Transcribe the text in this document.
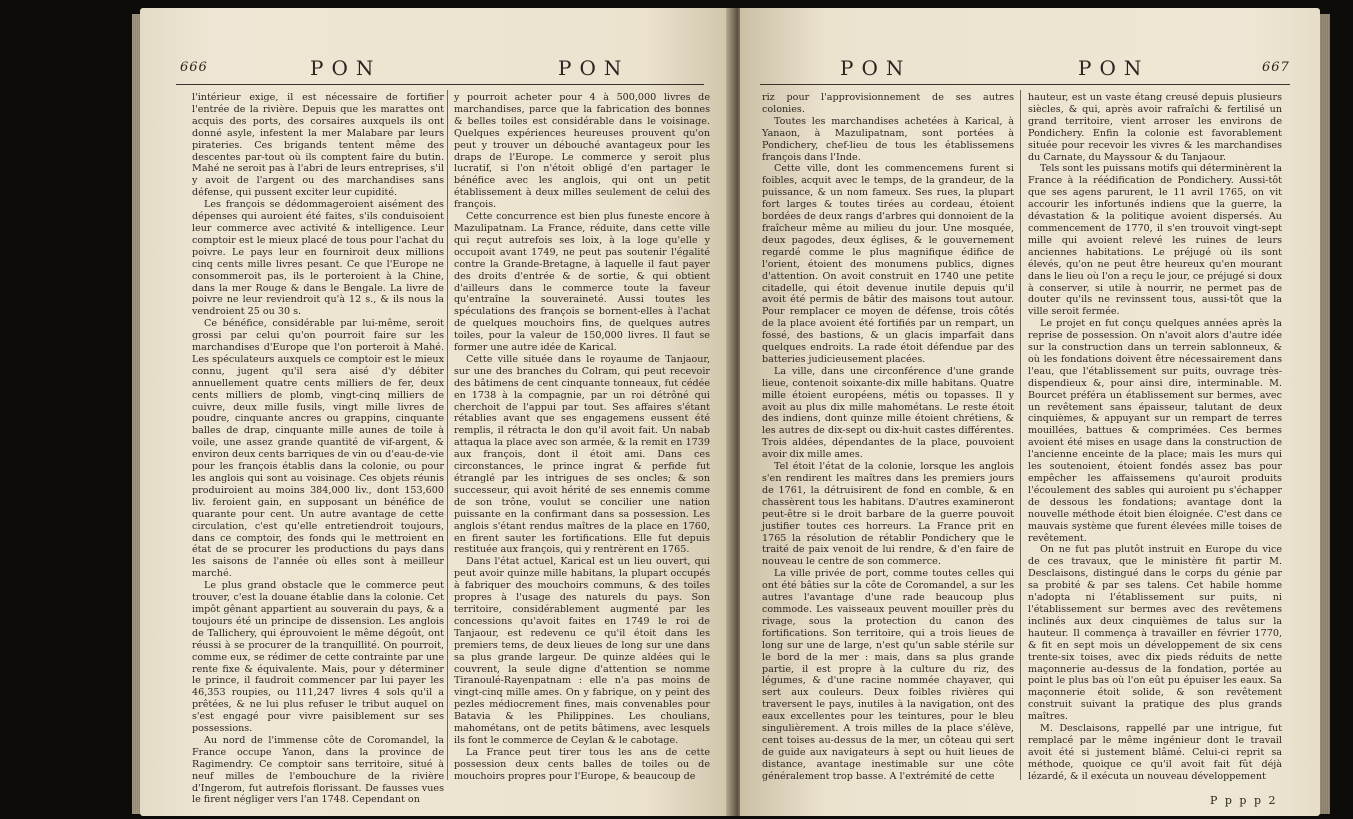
666	PON	PON

l'intérieur exige, il est nécessaire de fortifier l'entrée de la rivière. Depuis que les marattes ont acquis des ports, des corsaires auxquels ils ont donné asyle, infestent la mer Malabare par leurs pirateries. Ces brigands tentent même des descentes par-tout où ils comptent faire du butin. Mahé ne seroit pas à l'abri de leurs entreprises, s'il y avoit de l'argent ou des marchandises sans défense, qui pussent exciter leur cupidité.

Les françois se dédommageroient aisément des dépenses qui auroient été faites, s'ils conduisoient leur commerce avec activité & intelligence. Leur comptoir est le mieux placé de tous pour l'achat du poivre. Le pays leur en fourniroit deux millions cinq cents mille livres pesant. Ce que l'Europe ne consommeroit pas, ils le porteroient à la Chine, dans la mer Rouge & dans le Bengale. La livre de poivre ne leur reviendroit qu'à 12 s., & ils nous la vendroient 25 ou 30 s.

Ce bénéfice, considérable par lui-même, seroit grossi par celui qu'on pourroit faire sur les marchandises d'Europe que l'on porteroit à Mahé. Les spéculateurs auxquels ce comptoir est le mieux connu, jugent qu'il sera aisé d'y débiter annuellement quatre cents milliers de fer, deux cents milliers de plomb, vingt-cinq milliers de cuivre, deux mille fusils, vingt mille livres de poudre, cinquante ancres ou grappins, cinquante balles de drap, cinquante mille aunes de toile à voile, une assez grande quantité de vif-argent, & environ deux cents barriques de vin ou d'eau-de-vie pour les françois établis dans la colonie, ou pour les anglois qui sont au voisinage. Ces objets réunis produiroient au moins 384,000 liv., dont 153,600 liv. feroient gain, en supposant un bénéfice de quarante pour cent. Un autre avantage de cette circulation, c'est qu'elle entretiendroit toujours, dans ce comptoir, des fonds qui le mettroient en état de se procurer les productions du pays dans les saisons de l'année où elles sont à meilleur marché.

Le plus grand obstacle que le commerce peut trouver, c'est la douane établie dans la colonie. Cet impôt gênant appartient au souverain du pays, & a toujours été un principe de dissension. Les anglois de Tallichery, qui éprouvoient le même dégoût, ont réussi à se procurer de la tranquillité. On pourroit, comme eux, se rédimer de cette contrainte par une rente fixe & équivalente. Mais, pour y déterminer le prince, il faudroit commencer par lui payer les 46,353 roupies, ou 111,247 livres 4 sols qu'il a prêtées, & ne lui plus refuser le tribut auquel on s'est engagé pour vivre paisiblement sur ses possessions.

Au nord de l'immense côte de Coromandel, la France occupe Yanon, dans la province de Ragimendry. Ce comptoir sans territoire, situé à neuf milles de l'embouchure de la rivière d'Ingerom, fut autrefois florissant. De fausses vues le firent négliger vers l'an 1748. Cependant on

y pourroit acheter pour 4 à 500,000 livres de marchandises, parce que la fabrication des bonnes & belles toiles est considérable dans le voisinage. Quelques expériences heureuses prouvent qu'on peut y trouver un débouché avantageux pour les draps de l'Europe. Le commerce y seroit plus lucratif, si l'on n'étoit obligé d'en partager le bénéfice avec les anglois, qui ont un petit établissement à deux milles seulement de celui des françois.

Cette concurrence est bien plus funeste encore à Mazulipatnam. La France, réduite, dans cette ville qui reçut autrefois ses loix, à la loge qu'elle y occupoit avant 1749, ne peut pas soutenir l'égalité contre la Grande-Bretagne, à laquelle il faut payer des droits d'entrée & de sortie, & qui obtient d'ailleurs dans le commerce toute la faveur qu'entraîne la souveraineté. Aussi toutes les spéculations des françois se bornent-elles à l'achat de quelques mouchoirs fins, de quelques autres toiles, pour la valeur de 150,000 livres. Il faut se former une autre idée de Karical.

Cette ville située dans le royaume de Tanjaour, sur une des branches du Colram, qui peut recevoir des bâtimens de cent cinquante tonneaux, fut cédée en 1738 à la compagnie, par un roi détrôné qui cherchoit de l'appui par tout. Ses affaires s'étant rétablies avant que ses engagemens eussent été remplis, il rétracta le don qu'il avoit fait. Un nabab attaqua la place avec son armée, & la remit en 1739 aux françois, dont il étoit ami. Dans ces circonstances, le prince ingrat & perfide fut étranglé par les intrigues de ses oncles; & son successeur, qui avoit hérité de ses ennemis comme de son trône, voulut se concilier une nation puissante en la confirmant dans sa possession. Les anglois s'étant rendus maîtres de la place en 1760, en firent sauter les fortifications. Elle fut depuis restituée aux françois, qui y rentrèrent en 1765.

Dans l'état actuel, Karical est un lieu ouvert, qui peut avoir quinze mille habitans, la plupart occupés à fabriquer des mouchoirs communs, & des toiles propres à l'usage des naturels du pays. Son territoire, considérablement augmenté par les concessions qu'avoit faites en 1749 le roi de Tanjaour, est redevenu ce qu'il étoit dans les premiers tems, de deux lieues de long sur une dans sa plus grande largeur. De quinze aldées qui le couvrent, la seule digne d'attention se nomme Tiranoulé-Rayenpatnam : elle n'a pas moins de vingt-cinq mille ames. On y fabrique, on y peint des pezles médiocrement fines, mais convenables pour Batavia & les Philippines. Les choulians, mahométans, ont de petits bâtimens, avec lesquels ils font le commerce de Ceylan & le cabotage.

La France peut tirer tous les ans de cette possession deux cents balles de toiles ou de mouchoirs propres pour l'Europe, & beaucoup de

PON	PON	667

riz pour l'approvisionnement de ses autres colonies.

Toutes les marchandises achetées à Karical, à Yanaon, à Mazulipatnam, sont portées à Pondichery, chef-lieu de tous les établissemens françois dans l'Inde.

Cette ville, dont les commencemens furent si foibles, acquit avec le temps, de la grandeur, de la puissance, & un nom fameux. Ses rues, la plupart fort larges & toutes tirées au cordeau, étoient bordées de deux rangs d'arbres qui donnoient de la fraîcheur même au milieu du jour. Une mosquée, deux pagodes, deux églises, & le gouvernement regardé comme le plus magnifique édifice de l'orient, étoient des monumens publics, dignes d'attention. On avoit construit en 1740 une petite citadelle, qui étoit devenue inutile depuis qu'il avoit été permis de bâtir des maisons tout autour. Pour remplacer ce moyen de défense, trois côtés de la place avoient été fortifiés par un rempart, un fossé, des bastions, & un glacis imparfait dans quelques endroits. La rade étoit défendue par des batteries judicieusement placées.

La ville, dans une circonférence d'une grande lieue, contenoit soixante-dix mille habitans. Quatre mille étoient européens, métis ou topasses. Il y avoit au plus dix mille mahométans. Le reste étoit des indiens, dont quinze mille étoient chrétiens, & les autres de dix-sept ou dix-huit castes différentes. Trois aldées, dépendantes de la place, pouvoient avoir dix mille ames.

Tel étoit l'état de la colonie, lorsque les anglois s'en rendirent les maîtres dans les premiers jours de 1761, la détruisirent de fond en comble, & en chassèrent tous les habitans. D'autres examineront peut-être si le droit barbare de la guerre pouvoit justifier toutes ces horreurs. La France prit en 1765 la résolution de rétablir Pondichery que le traité de paix venoit de lui rendre, & d'en faire de nouveau le centre de son commerce.

La ville privée de port, comme toutes celles qui ont été bâties sur la côte de Coromandel, a sur les autres l'avantage d'une rade beaucoup plus commode. Les vaisseaux peuvent mouiller près du rivage, sous la protection du canon des fortifications. Son territoire, qui a trois lieues de long sur une de large, n'est qu'un sable stérile sur le bord de la mer : mais, dans sa plus grande partie, il est propre à la culture du riz, des légumes, & d'une racine nommée chayaver, qui sert aux couleurs. Deux foibles rivières qui traversent le pays, inutiles à la navigation, ont des eaux excellentes pour les teintures, pour le bleu singulièrement. A trois milles de la place s'élève, cent toises au-dessus de la mer, un côteau qui sert de guide aux navigateurs à sept ou huit lieues de distance, avantage inestimable sur une côte généralement trop basse. A l'extrémité de cette

hauteur, est un vaste étang creusé depuis plusieurs siècles, & qui, après avoir rafraîchi & fertilisé un grand territoire, vient arroser les environs de Pondichery. Enfin la colonie est favorablement située pour recevoir les vivres & les marchandises du Carnate, du Mayssour & du Tanjaour.

Tels sont les puissans motifs qui déterminèrent la France à la réédification de Pondichery. Aussi-tôt que ses agens parurent, le 11 avril 1765, on vit accourir les infortunés indiens que la guerre, la dévastation & la politique avoient dispersés. Au commencement de 1770, il s'en trouvoit vingt-sept mille qui avoient relevé les ruines de leurs anciennes habitations. Le préjugé où ils sont élevés, qu'on ne peut être heureux qu'en mourant dans le lieu où l'on a reçu le jour, ce préjugé si doux à conserver, si utile à nourrir, ne permet pas de douter qu'ils ne revinssent tous, aussi-tôt que la ville seroit fermée.

Le projet en fut conçu quelques années après la reprise de possession. On n'avoit alors d'autre idée sur la construction dans un terrein sablonneux, & où les fondations doivent être nécessairement dans l'eau, que l'établissement sur puits, ouvrage très-dispendieux &, pour ainsi dire, interminable. M. Bourcet préféra un établissement sur bermes, avec un revêtement sans épaisseur, talutant de deux cinquièmes, & appuyant sur un rempart de terres mouillées, battues & comprimées. Ces bermes avoient été mises en usage dans la construction de l'ancienne enceinte de la place; mais les murs qui les soutenoient, étoient fondés assez bas pour empêcher les affaissemens qu'auroit produits l'écoulement des sables qui auroient pu s'échapper de dessous les fondations; avantage dont la nouvelle méthode étoit bien éloignée. C'est dans ce mauvais système que furent élevées mille toises de revêtement.

On ne fut pas plutôt instruit en Europe du vice de ces travaux, que le ministère fit partir M. Desclaisons, distingué dans le corps du génie par sa probité & par ses talens. Cet habile homme n'adopta ni l'établissement sur puits, ni l'établissement sur bermes avec des revêtemens inclinés aux deux cinquièmes de talus sur la hauteur. Il commença à travailler en février 1770, & fit en sept mois un développement de six cens trente-six toises, avec dix pieds réduits de nette maçonnerie au-dessus de la fondation, portée au point le plus bas où l'on eût pu épuiser les eaux. Sa maçonnerie étoit solide, & son revêtement construit suivant la pratique des plus grands maîtres.

M. Desclaisons, rappellé par une intrigue, fut remplacé par le même ingénieur dont le travail avoit été si justement blâmé. Celui-ci reprit sa méthode, quoique ce qu'il avoit fait fût déjà lézardé, & il exécuta un nouveau développement

P p p p 2
